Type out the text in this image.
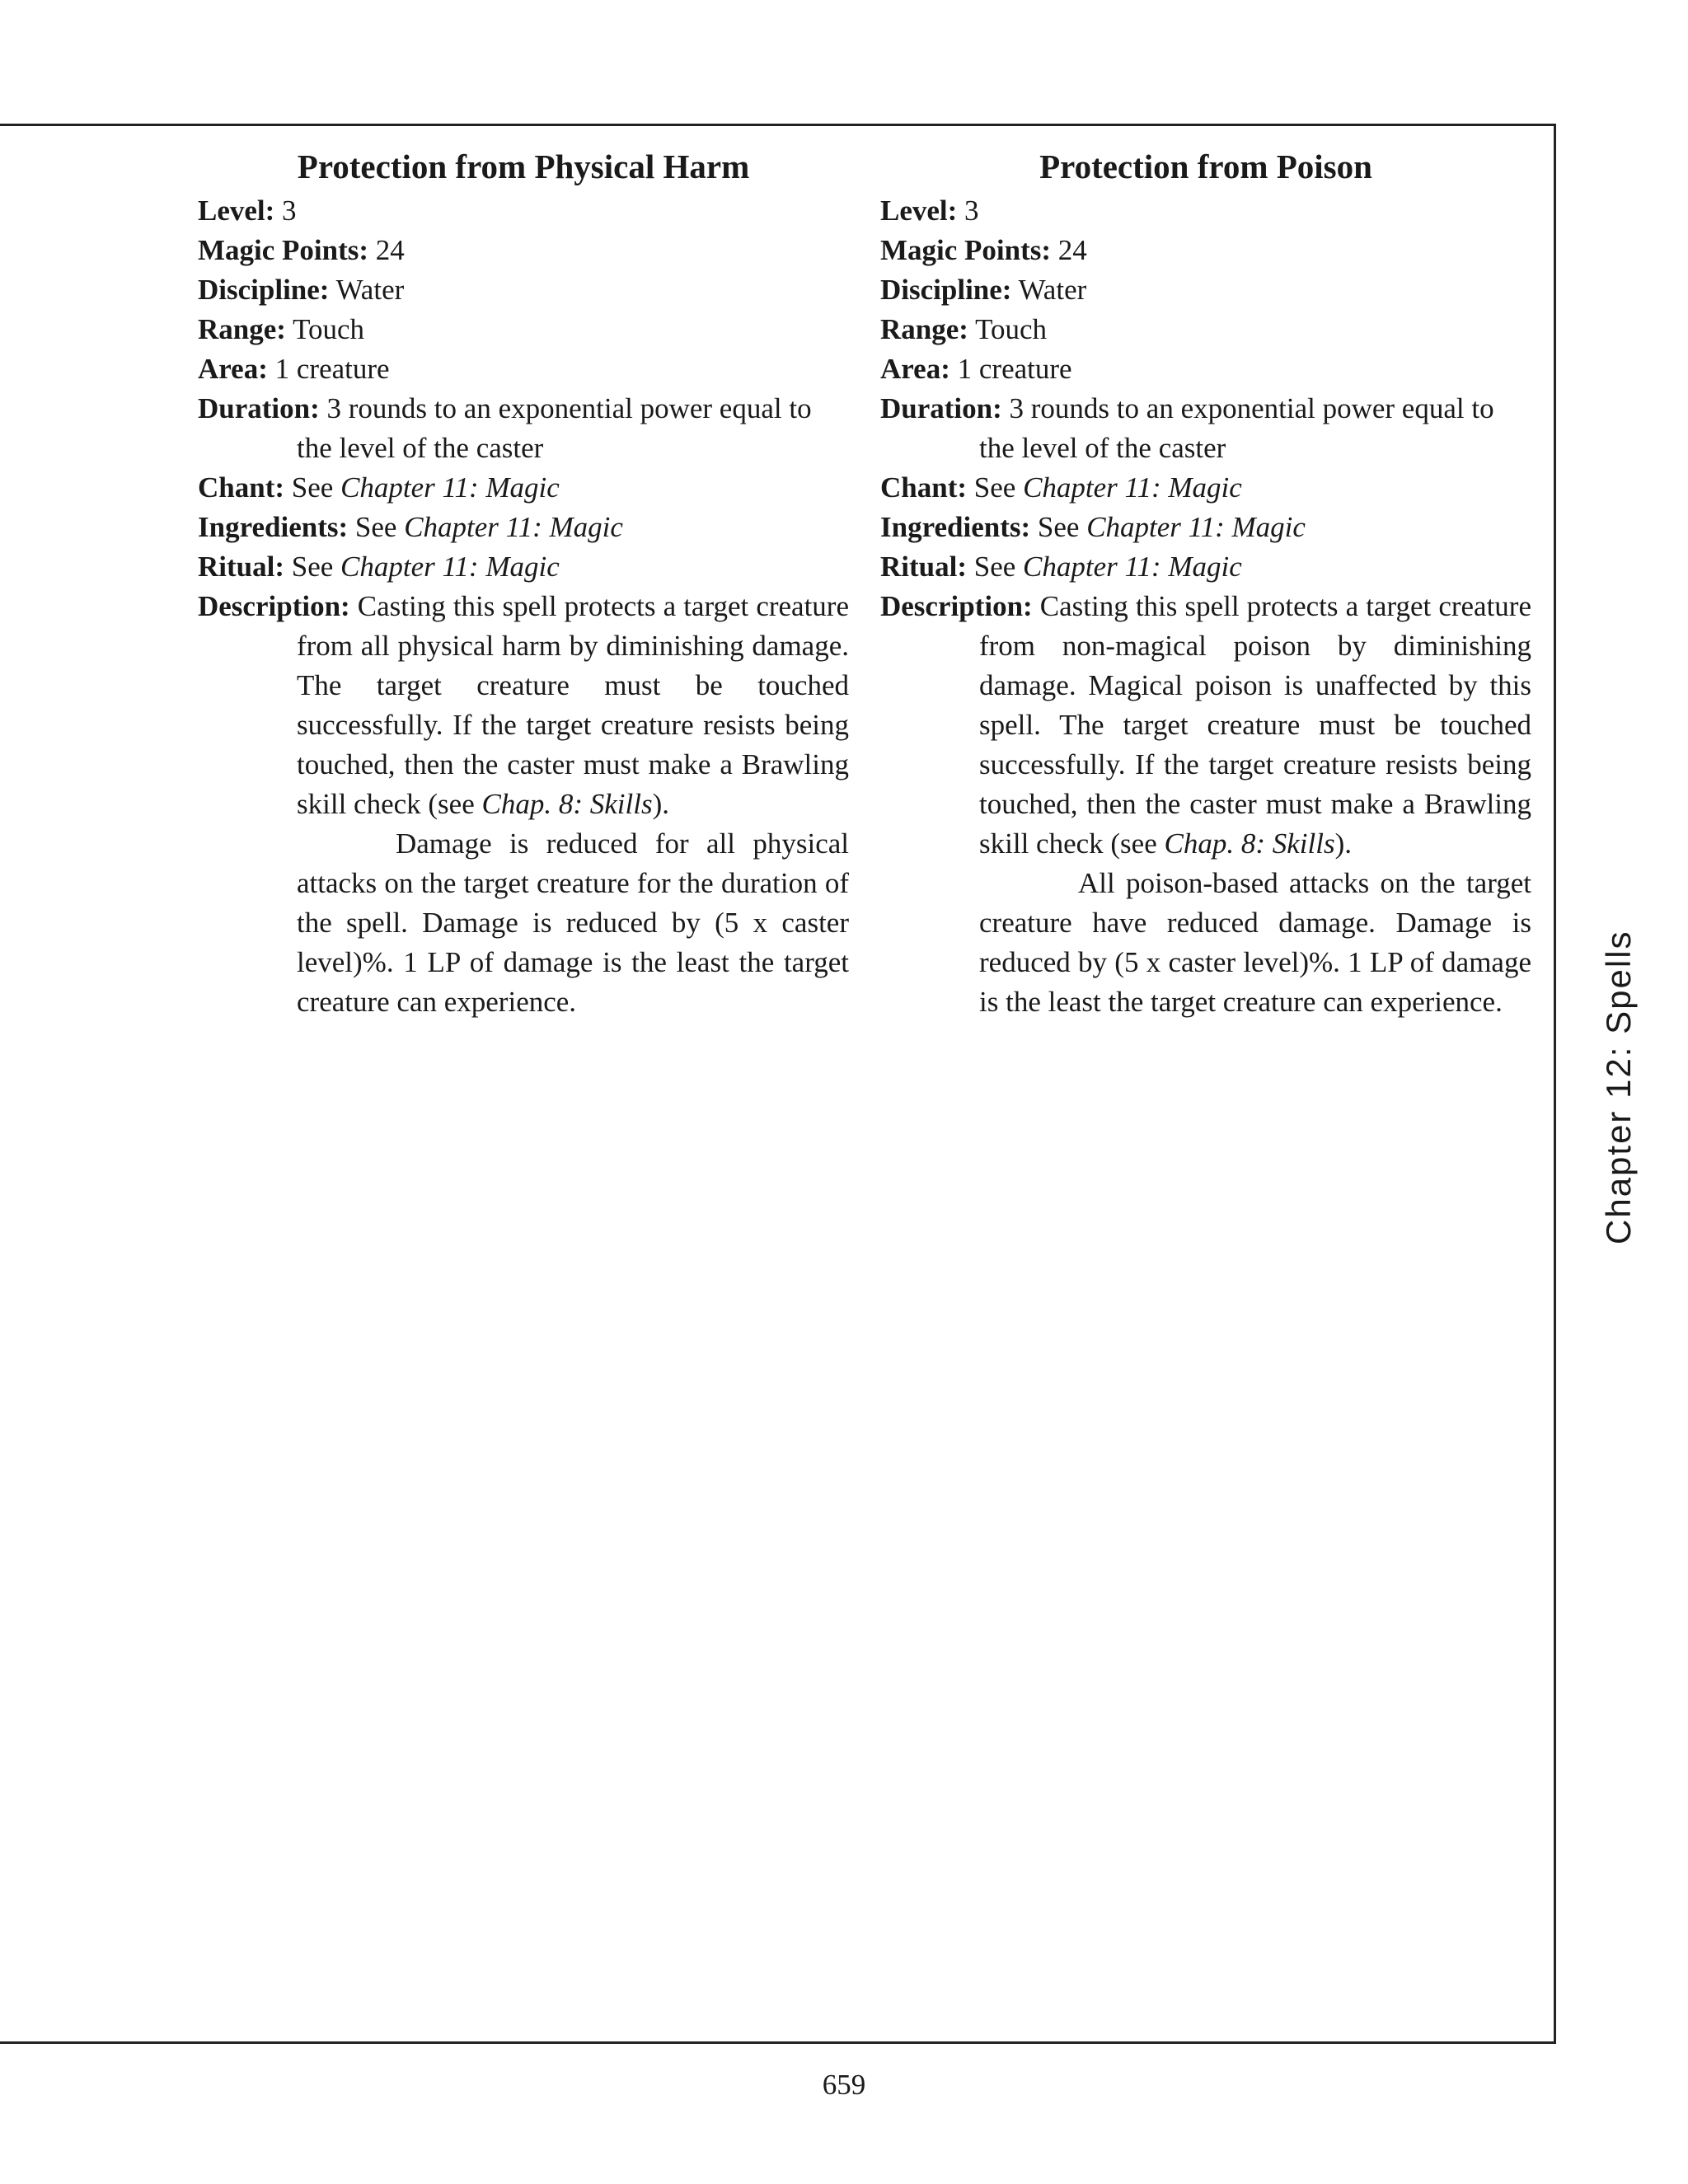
Protection from Physical Harm

Level: 3

Magic Points: 24

Discipline: Water

Range: Touch

Area: 1 creature

Duration: 3 rounds to an exponential power equal to the level of the caster

Chant: See Chapter 11: Magic

Ingredients: See Chapter 11: Magic

Ritual: See Chapter 11: Magic

Description: Casting this spell protects a target creature from all physical harm by diminishing damage. The target creature must be touched successfully. If the target creature resists being touched, then the caster must make a Brawling skill check (see Chap. 8: Skills).

Damage is reduced for all physical attacks on the target creature for the duration of the spell. Damage is reduced by (5 x caster level)%. 1 LP of damage is the least the target creature can experience.

Protection from Poison

Level: 3

Magic Points: 24

Discipline: Water

Range: Touch

Area: 1 creature

Duration: 3 rounds to an exponential power equal to the level of the caster

Chant: See Chapter 11: Magic

Ingredients: See Chapter 11: Magic

Ritual: See Chapter 11: Magic

Description: Casting this spell protects a target creature from non-magical poison by diminishing damage. Magical poison is unaffected by this spell. The target creature must be touched successfully. If the target creature resists being touched, then the caster must make a Brawling skill check (see Chap. 8: Skills).

All poison-based attacks on the target creature have reduced damage. Damage is reduced by (5 x caster level)%. 1 LP of damage is the least the target creature can experience.	Chapter 12: Spells
659
